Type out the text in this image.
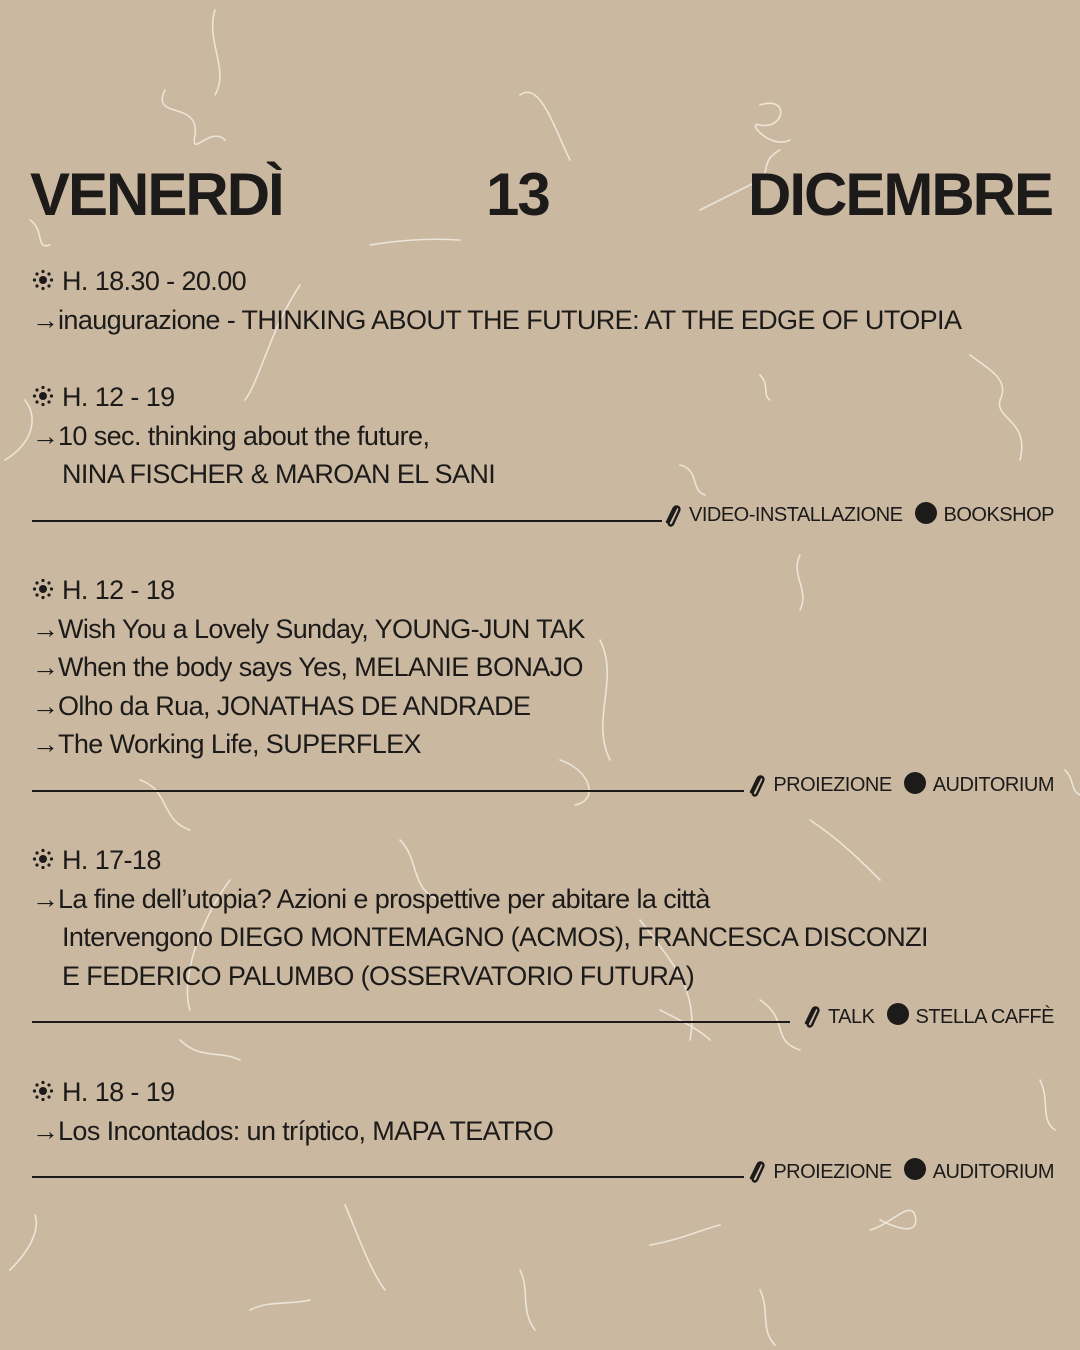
VENERDÌ	13	DICEMBRE
H. 18.30 - 20.00
→inaugurazione - THINKING ABOUT THE FUTURE: AT THE EDGE OF UTOPIA
H. 12 - 19
→10 sec. thinking about the future,
NINA FISCHER & MAROAN EL SANI
VIDEO-INSTALLAZIONE BOOKSHOP
H. 12 - 18
→Wish You a Lovely Sunday, YOUNG-JUN TAK
→When the body says Yes, MELANIE BONAJO
→Olho da Rua, JONATHAS DE ANDRADE
→The Working Life, SUPERFLEX
PROIEZIONE AUDITORIUM
H. 17-18
→La fine dell’utopia? Azioni e prospettive per abitare la città
Intervengono DIEGO MONTEMAGNO (ACMOS), FRANCESCA DISCONZI
E FEDERICO PALUMBO (OSSERVATORIO FUTURA)
TALK STELLA CAFFÈ
H. 18 - 19
→Los Incontados: un tríptico, MAPA TEATRO
PROIEZIONE AUDITORIUM
